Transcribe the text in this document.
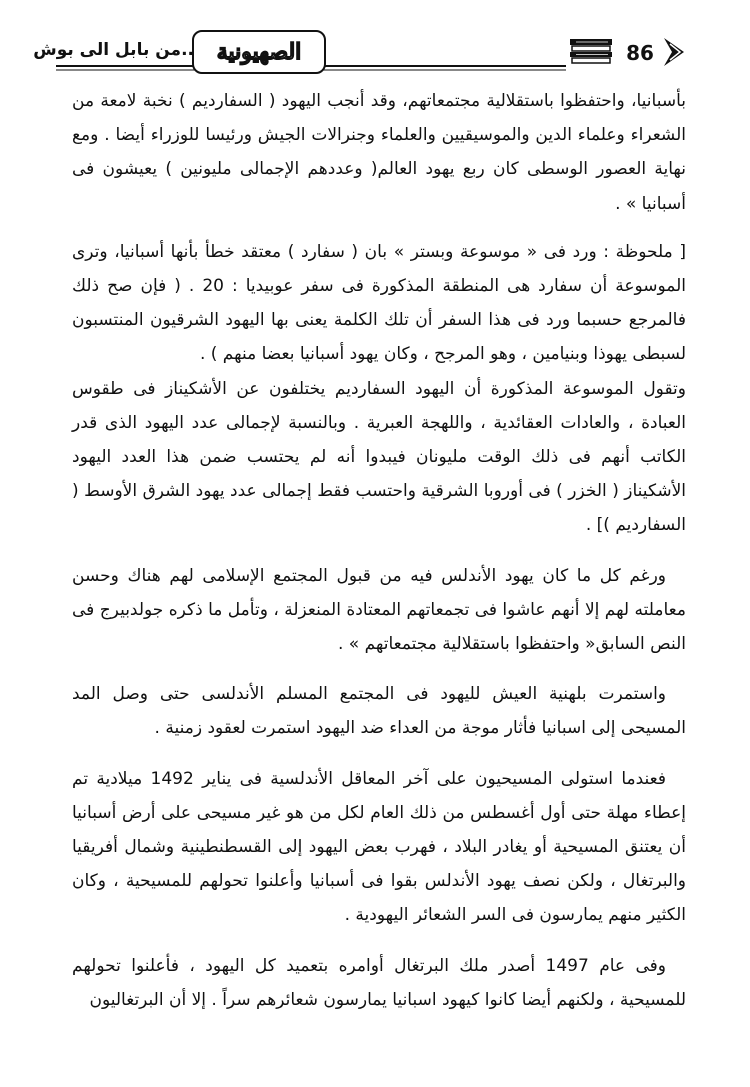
86
الصهيونية
..من بابل الى بوش

بأسبانيا، واحتفظوا باستقلالية مجتمعاتهم، وقد أنجب اليهود ( السفارديم ) نخبة لامعة من الشعراء وعلماء الدين والموسيقيين والعلماء وجنرالات الجيش ورئيسا للوزراء أيضا . ومع نهاية العصور الوسطى كان ربع يهود العالم( وعددهم الإجمالى مليونين ) يعيشون فى أسبانيا » .

[ ملحوظة : ورد فى « موسوعة وبستر » بان ( سفارد ) معتقد خطأ بأنها أسبانيا، وترى الموسوعة أن سفارد هى المنطقة المذكورة فى سفر عوبيديا : 20 . ( فإن صح ذلك فالمرجع حسبما ورد فى هذا السفر أن تلك الكلمة يعنى بها اليهود الشرقيون المنتسبون لسبطى يهوذا وبنيامين ، وهو المرجح ، وكان يهود أسبانيا بعضا منهم ) .

وتقول الموسوعة المذكورة أن اليهود السفارديم يختلفون عن الأشكيناز فى طقوس العبادة ، والعادات العقائدية ، واللهجة العبرية . وبالنسبة لإجمالى عدد اليهود الذى قدر الكاتب أنهم فى ذلك الوقت مليونان فيبدوا أنه لم يحتسب ضمن هذا العدد اليهود الأشكيناز ( الخزر ) فى أوروبا الشرقية واحتسب فقط إجمالى عدد يهود الشرق الأوسط ( السفارديم )] .

ورغم كل ما كان يهود الأندلس فيه من قبول المجتمع الإسلامى لهم هناك وحسن معاملته لهم إلا أنهم عاشوا فى تجمعاتهم المعتادة المنعزلة ، وتأمل ما ذكره جولدبيرج فى النص السابق« واحتفظوا باستقلالية مجتمعاتهم » .

واستمرت بلهنية العيش لليهود فى المجتمع المسلم الأندلسى حتى وصل المد المسيحى إلى اسبانيا فأثار موجة من العداء ضد اليهود استمرت لعقود زمنية .

فعندما استولى المسيحيون على آخر المعاقل الأندلسية فى يناير 1492 ميلادية تم إعطاء مهلة حتى أول أغسطس من ذلك العام لكل من هو غير مسيحى على أرض أسبانيا أن يعتنق المسيحية أو يغادر البلاد ، فهرب بعض اليهود إلى القسطنطينية وشمال أفريقيا والبرتغال ، ولكن نصف يهود الأندلس بقوا فى أسبانيا وأعلنوا تحولهم للمسيحية ، وكان الكثير منهم يمارسون فى السر الشعائر اليهودية .

وفى عام 1497 أصدر ملك البرتغال أوامره بتعميد كل اليهود ، فأعلنوا تحولهم للمسيحية ، ولكنهم أيضا كانوا كيهود اسبانيا يمارسون شعائرهم سراً . إلا أن البرتغاليون
